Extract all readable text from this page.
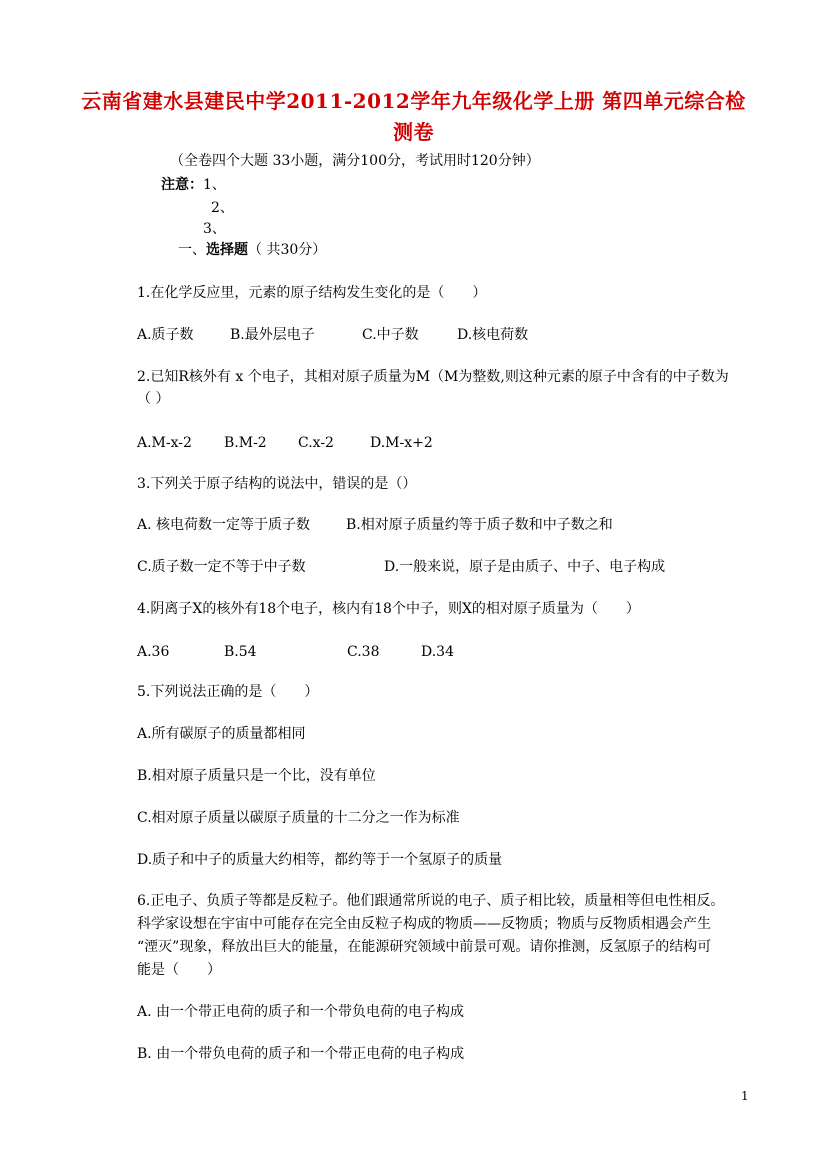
云南省建水县建民中学2011-2012学年九年级化学上册 第四单元综合检
测卷
（全卷四个大题 33小题，满分100分，考试用时120分钟）
注意： 1、
2、
3、
一、选择题（ 共30分）
1.在化学反应里，元素的原子结构发生变化的是（　　）
A.质子数	B.最外层电子	C.中子数	D.核电荷数
2.已知R核外有 x 个电子，其相对原子质量为M（M为整数,则这种元素的原子中含有的中子数为
（ ）
A.M-x-2 B.M-2 C.x-2	D.M-x+2
3.下列关于原子结构的说法中，错误的是（）
A. 核电荷数一定等于质子数	B.相对原子质量约等于质子数和中子数之和
C.质子数一定不等于中子数	D.一般来说，原子是由质子、中子、电子构成
4.阴离子X的核外有18个电子，核内有18个中子，则X的相对原子质量为（　　）
A.36	B.54	C.38	D.34
5.下列说法正确的是（　　）
A.所有碳原子的质量都相同
B.相对原子质量只是一个比，没有单位
C.相对原子质量以碳原子质量的十二分之一作为标准
D.质子和中子的质量大约相等，都约等于一个氢原子的质量
6.正电子、负质子等都是反粒子。他们跟通常所说的电子、质子相比较，质量相等但电性相反。
科学家设想在宇宙中可能存在完全由反粒子构成的物质——反物质；物质与反物质相遇会产生
“湮灭”现象，释放出巨大的能量，在能源研究领域中前景可观。请你推测，反氢原子的结构可
能是（　　）
A. 由一个带正电荷的质子和一个带负电荷的电子构成
B. 由一个带负电荷的质子和一个带正电荷的电子构成
1
